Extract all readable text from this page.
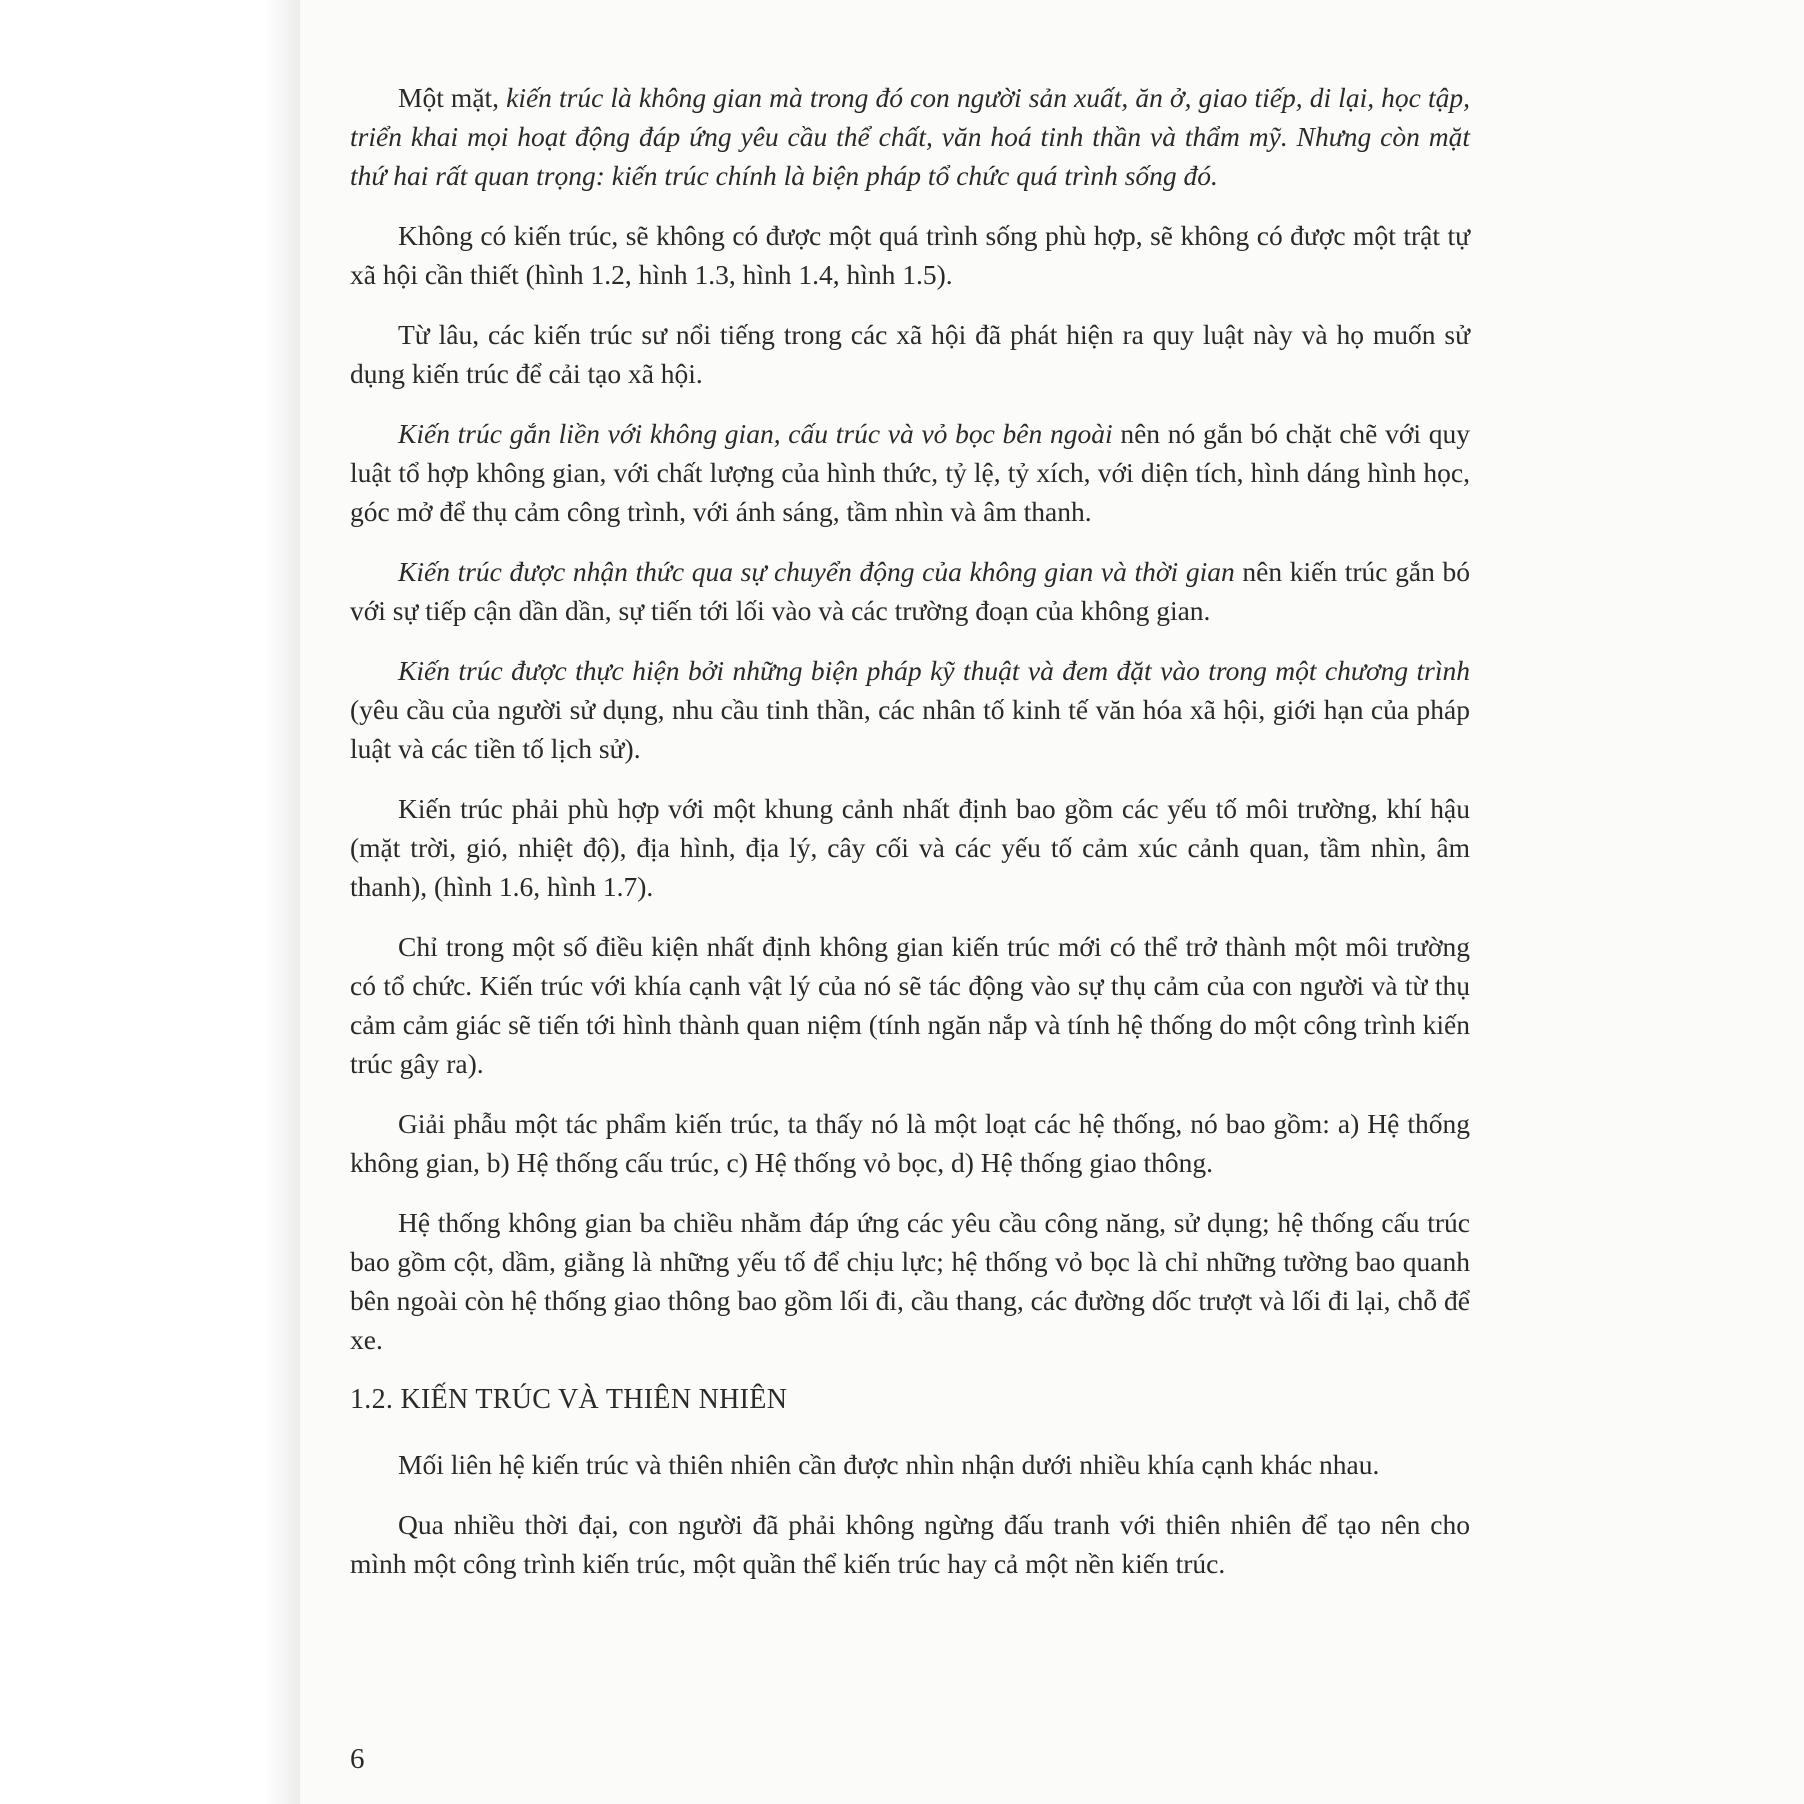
Một mặt, kiến trúc là không gian mà trong đó con người sản xuất, ăn ở, giao tiếp, di lại, học tập, triển khai mọi hoạt động đáp ứng yêu cầu thể chất, văn hoá tinh thần và thẩm mỹ. Nhưng còn mặt thứ hai rất quan trọng: kiến trúc chính là biện pháp tổ chức quá trình sống đó.

Không có kiến trúc, sẽ không có được một quá trình sống phù hợp, sẽ không có được một trật tự xã hội cần thiết (hình 1.2, hình 1.3, hình 1.4, hình 1.5).

Từ lâu, các kiến trúc sư nổi tiếng trong các xã hội đã phát hiện ra quy luật này và họ muốn sử dụng kiến trúc để cải tạo xã hội.

Kiến trúc gắn liền với không gian, cấu trúc và vỏ bọc bên ngoài nên nó gắn bó chặt chẽ với quy luật tổ hợp không gian, với chất lượng của hình thức, tỷ lệ, tỷ xích, với diện tích, hình dáng hình học, góc mở để thụ cảm công trình, với ánh sáng, tầm nhìn và âm thanh.

Kiến trúc được nhận thức qua sự chuyển động của không gian và thời gian nên kiến trúc gắn bó với sự tiếp cận dần dần, sự tiến tới lối vào và các trường đoạn của không gian.

Kiến trúc được thực hiện bởi những biện pháp kỹ thuật và đem đặt vào trong một chương trình (yêu cầu của người sử dụng, nhu cầu tinh thần, các nhân tố kinh tế văn hóa xã hội, giới hạn của pháp luật và các tiền tố lịch sử).

Kiến trúc phải phù hợp với một khung cảnh nhất định bao gồm các yếu tố môi trường, khí hậu (mặt trời, gió, nhiệt độ), địa hình, địa lý, cây cối và các yếu tố cảm xúc cảnh quan, tầm nhìn, âm thanh), (hình 1.6, hình 1.7).

Chỉ trong một số điều kiện nhất định không gian kiến trúc mới có thể trở thành một môi trường có tổ chức. Kiến trúc với khía cạnh vật lý của nó sẽ tác động vào sự thụ cảm của con người và từ thụ cảm cảm giác sẽ tiến tới hình thành quan niệm (tính ngăn nắp và tính hệ thống do một công trình kiến trúc gây ra).

Giải phẫu một tác phẩm kiến trúc, ta thấy nó là một loạt các hệ thống, nó bao gồm: a) Hệ thống không gian, b) Hệ thống cấu trúc, c) Hệ thống vỏ bọc, d) Hệ thống giao thông.

Hệ thống không gian ba chiều nhằm đáp ứng các yêu cầu công năng, sử dụng; hệ thống cấu trúc bao gồm cột, dầm, giằng là những yếu tố để chịu lực; hệ thống vỏ bọc là chỉ những tường bao quanh bên ngoài còn hệ thống giao thông bao gồm lối đi, cầu thang, các đường dốc trượt và lối đi lại, chỗ để xe.

1.2. KIẾN TRÚC VÀ THIÊN NHIÊN

Mối liên hệ kiến trúc và thiên nhiên cần được nhìn nhận dưới nhiều khía cạnh khác nhau.

Qua nhiều thời đại, con người đã phải không ngừng đấu tranh với thiên nhiên để tạo nên cho mình một công trình kiến trúc, một quần thể kiến trúc hay cả một nền kiến trúc.

6
